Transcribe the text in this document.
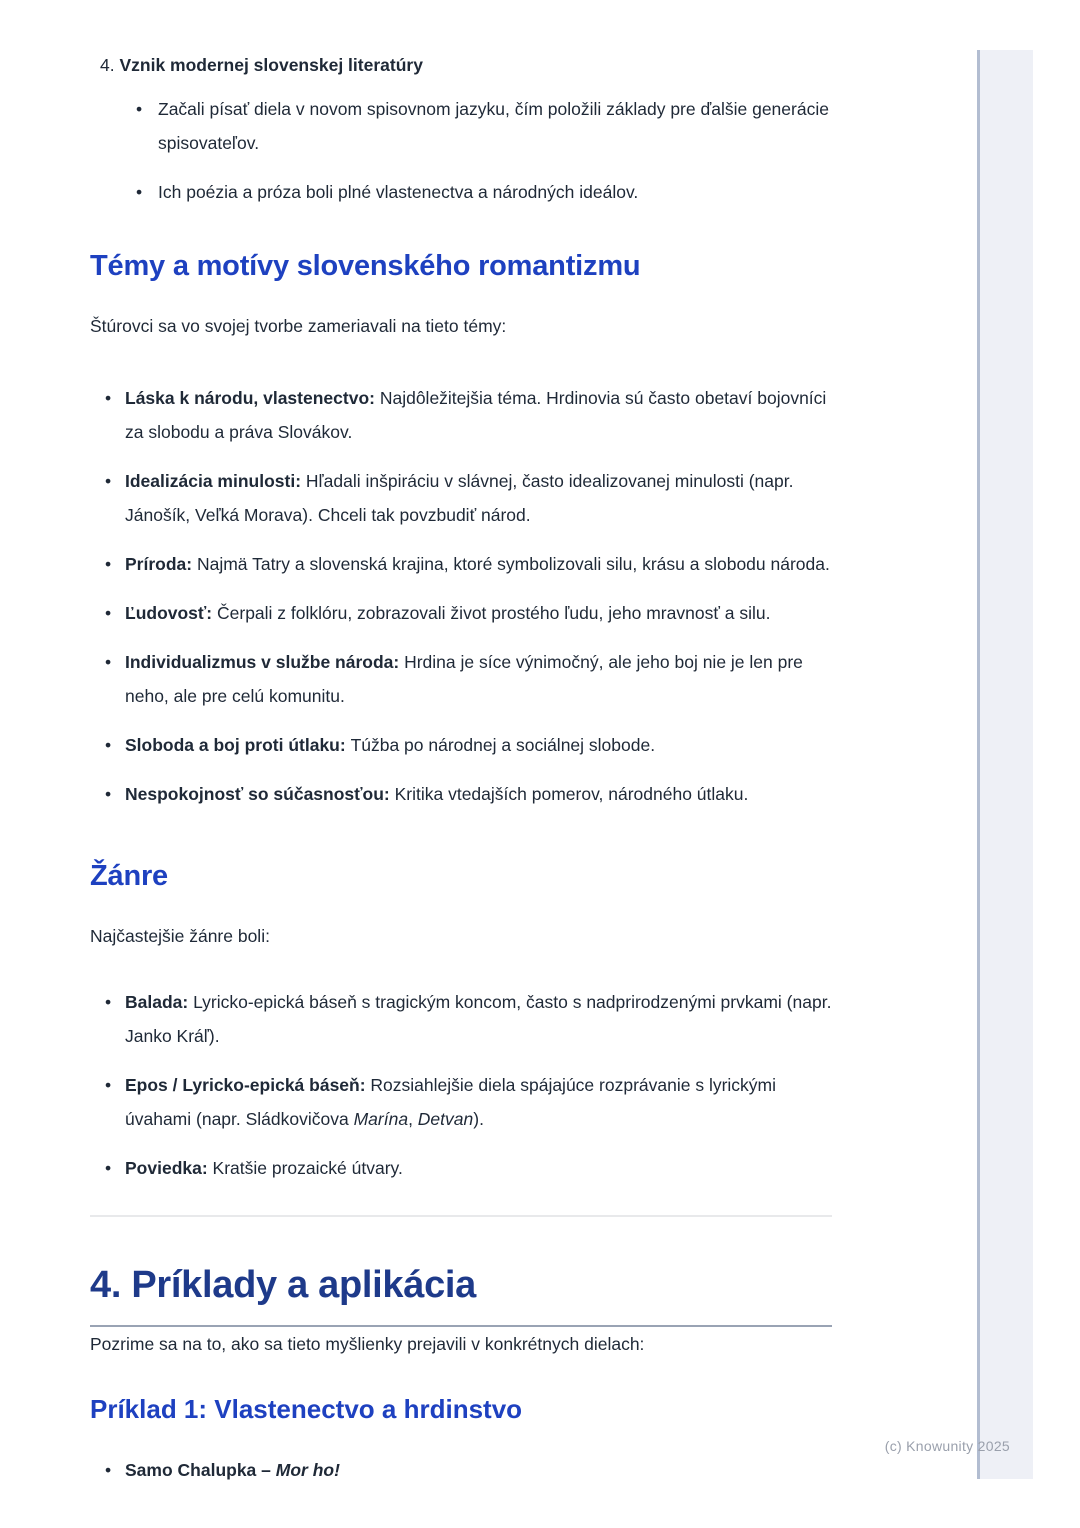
(c) Knowunity 2025
4. Vznik modernej slovenskej literatúry
• Začali písať diela v novom spisovnom jazyku, čím položili základy pre ďalšie generácie spisovateľov.
• Ich poézia a próza boli plné vlastenectva a národných ideálov.
Témy a motívy slovenského romantizmu

Štúrovci sa vo svojej tvorbe zameriavali na tieto témy:

• Láska k národu, vlastenectvo: Najdôležitejšia téma. Hrdinovia sú často obetaví bojovníci za slobodu a práva Slovákov.
• Idealizácia minulosti: Hľadali inšpiráciu v slávnej, často idealizovanej minulosti (napr. Jánošík, Veľká Morava). Chceli tak povzbudiť národ.
• Príroda: Najmä Tatry a slovenská krajina, ktoré symbolizovali silu, krásu a slobodu národa.
• Ľudovosť: Čerpali z folklóru, zobrazovali život prostého ľudu, jeho mravnosť a silu.
• Individualizmus v službe národa: Hrdina je síce výnimočný, ale jeho boj nie je len pre neho, ale pre celú komunitu.
• Sloboda a boj proti útlaku: Túžba po národnej a sociálnej slobode.
• Nespokojnosť so súčasnosťou: Kritika vtedajších pomerov, národného útlaku.
Žánre

Najčastejšie žánre boli:

• Balada: Lyricko-epická báseň s tragickým koncom, často s nadprirodzenými prvkami (napr. Janko Kráľ).
• Epos / Lyricko-epická báseň: Rozsiahlejšie diela spájajúce rozprávanie s lyrickými úvahami (napr. Sládkovičova Marína, Detvan).
• Poviedka: Kratšie prozaické útvary.
4. Príklady a aplikácia

Pozrime sa na to, ako sa tieto myšlienky prejavili v konkrétnych dielach:

Príklad 1: Vlastenectvo a hrdinstvo
• Samo Chalupka – Mor ho!
